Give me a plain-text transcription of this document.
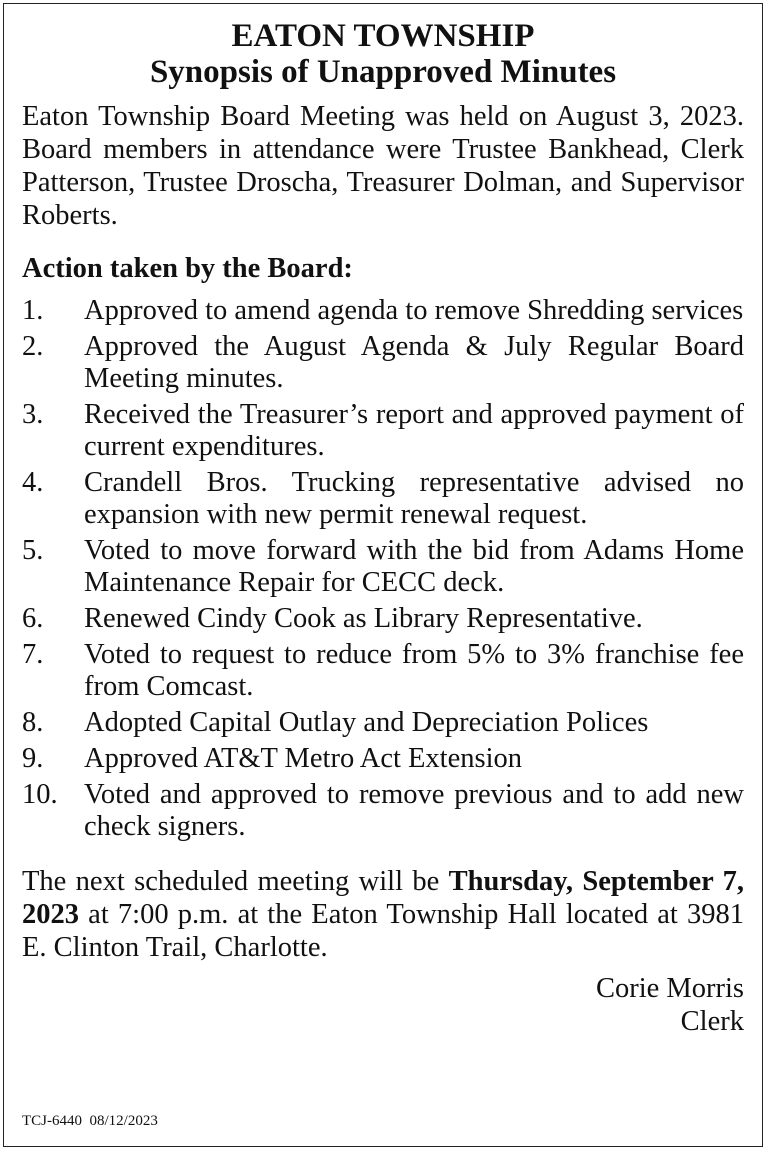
EATON TOWNSHIP
Synopsis of Unapproved Minutes

Eaton Township Board Meeting was held on August 3, 2023. Board members in attendance were Trustee Bankhead, Clerk Patterson, Trustee Droscha, Treasurer Dolman, and Supervisor Roberts.

Action taken by the Board:
1.	Approved to amend agenda to remove Shredding services
2.	Approved the August Agenda & July Regular Board Meeting minutes.
3.	Received the Treasurer’s report and approved payment of current expenditures.
4.	Crandell Bros. Trucking representative advised no expansion with new permit renewal request.
5.	Voted to move forward with the bid from Adams Home Maintenance Repair for CECC deck.
6.	Renewed Cindy Cook as Library Representative.
7.	Voted to request to reduce from 5% to 3% franchise fee from Comcast.
8.	Adopted Capital Outlay and Depreciation Polices
9.	Approved AT&T Metro Act Extension
10. Voted and approved to remove previous and to add new check signers.

The next scheduled meeting will be Thursday, September 7, 2023 at 7:00 p.m. at the Eaton Township Hall located at 3981 E. Clinton Trail, Charlotte.

Corie Morris
Clerk
TCJ-6440  08/12/2023
